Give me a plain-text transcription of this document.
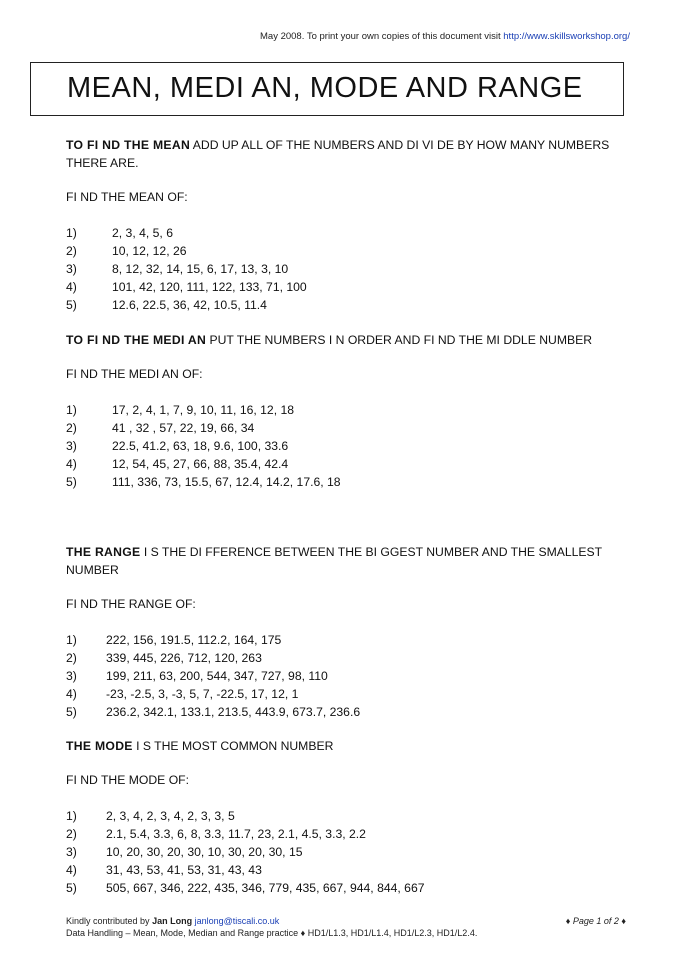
May 2008. To print your own copies of this document visit http://www.skillsworkshop.org/
MEAN, MEDI AN, MODE AND RANGE
TO FI ND THE MEAN ADD UP ALL OF THE NUMBERS AND DI VI DE BY HOW MANY NUMBERS THERE ARE.
FI ND THE MEAN OF:
1)	2, 3, 4, 5, 6
2)	10, 12, 12, 26
3)	8, 12, 32, 14, 15, 6, 17, 13, 3, 10
4)	101, 42, 120, 111, 122, 133, 71, 100
5)	12.6, 22.5, 36, 42, 10.5, 11.4
TO FI ND THE MEDI AN PUT THE NUMBERS I N ORDER AND FI ND THE MI DDLE NUMBER
FI ND THE MEDI AN OF:
1)	17, 2, 4, 1, 7, 9, 10, 11, 16, 12, 18
2)	41 , 32 , 57, 22, 19, 66, 34
3)	22.5, 41.2, 63, 18, 9.6, 100, 33.6
4)	12, 54, 45, 27, 66, 88, 35.4, 42.4
5)	111, 336, 73, 15.5, 67, 12.4, 14.2, 17.6, 18
THE RANGE I S THE DI FFERENCE BETWEEN THE BI GGEST NUMBER AND THE SMALLEST NUMBER
FI ND THE RANGE OF:
1) 222, 156, 191.5, 112.2, 164, 175
2) 339, 445, 226, 712, 120, 263
3) 199, 211, 63, 200, 544, 347, 727, 98, 110
4) -23, -2.5, 3, -3, 5, 7, -22.5, 17, 12, 1
5) 236.2, 342.1, 133.1, 213.5, 443.9, 673.7, 236.6
THE MODE I S THE MOST COMMON NUMBER
FI ND THE MODE OF:
1) 2, 3, 4, 2, 3, 4, 2, 3, 3, 5
2) 2.1, 5.4, 3.3, 6, 8, 3.3, 11.7, 23, 2.1, 4.5, 3.3, 2.2
3) 10, 20, 30, 20, 30, 10, 30, 20, 30, 15
4) 31, 43, 53, 41, 53, 31, 43, 43
5) 505, 667, 346, 222, 435, 346, 779, 435, 667, 944, 844, 667
Kindly contributed by Jan Long janlong@tiscali.co.uk	♦ Page 1 of 2 ♦
Data Handling – Mean, Mode, Median and Range practice ♦ HD1/L1.3, HD1/L1.4, HD1/L2.3, HD1/L2.4.
